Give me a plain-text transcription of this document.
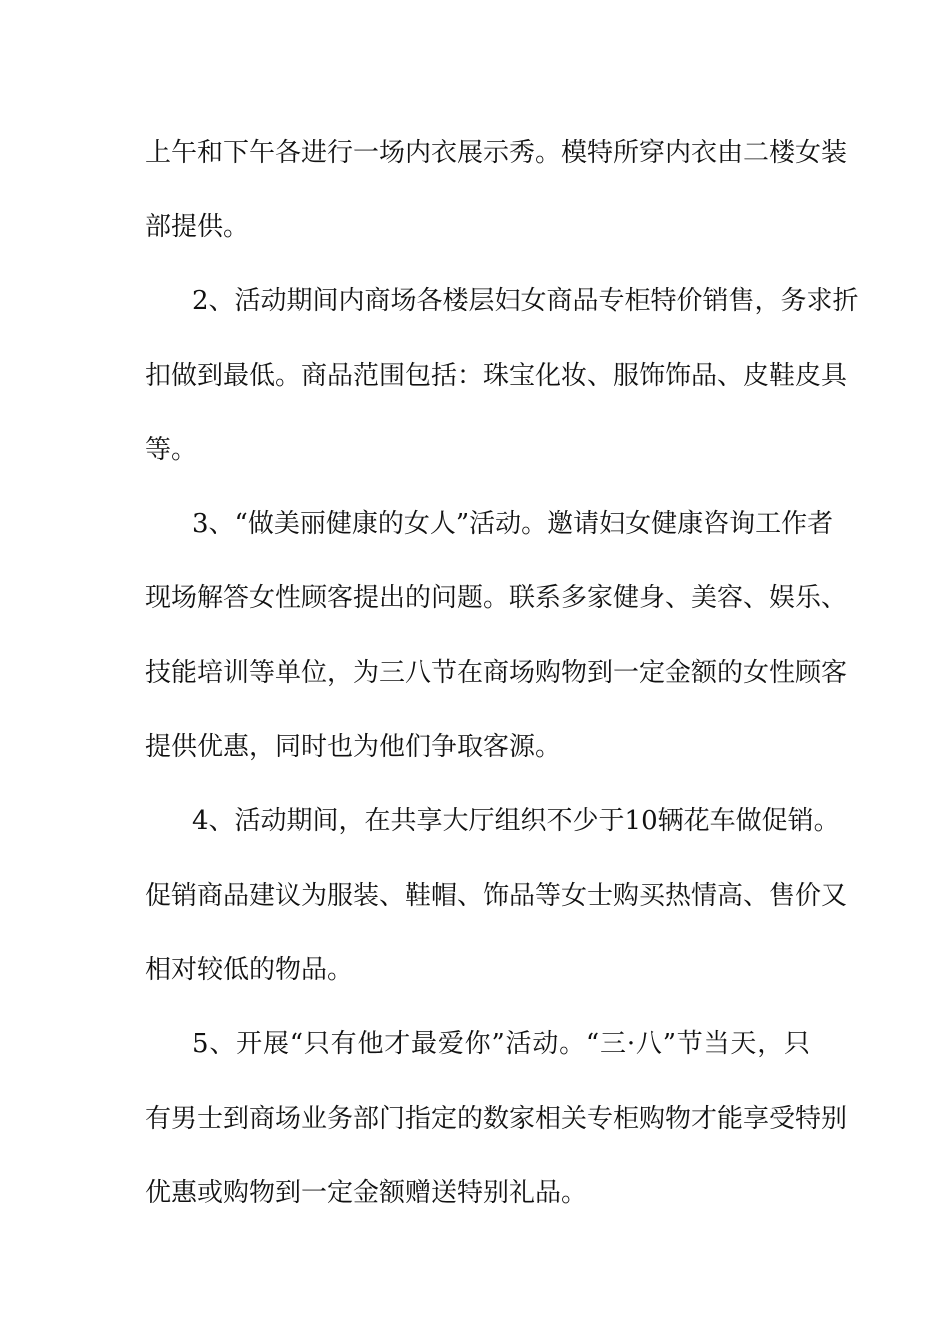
上午和下午各进行一场内衣展示秀。模特所穿内衣由二楼女装
部提供。
2、活动期间内商场各楼层妇女商品专柜特价销售，务求折
扣做到最低。商品范围包括：珠宝化妆、服饰饰品、皮鞋皮具
等。
3、“做美丽健康的女人”活动。邀请妇女健康咨询工作者
现场解答女性顾客提出的问题。联系多家健身、美容、娱乐、
技能培训等单位，为三八节在商场购物到一定金额的女性顾客
提供优惠，同时也为他们争取客源。
4、活动期间，在共享大厅组织不少于10辆花车做促销。
促销商品建议为服装、鞋帽、饰品等女士购买热情高、售价又
相对较低的物品。
5、开展“只有他才最爱你”活动。“三·八”节当天，只
有男士到商场业务部门指定的数家相关专柜购物才能享受特别
优惠或购物到一定金额赠送特别礼品。
